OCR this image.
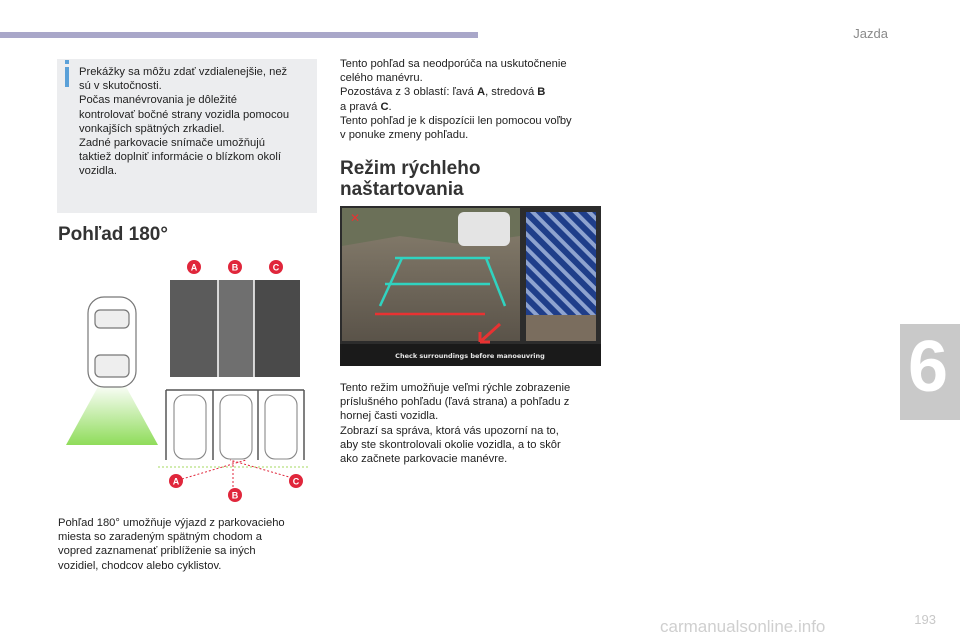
Jazda
6

Prekážky sa môžu zdať vzdialenejšie, než
sú v skutočnosti.
Počas manévrovania je dôležité
kontrolovať bočné strany vozidla pomocou
vonkajších spätných zrkadiel.
Zadné parkovacie snímače umožňujú
taktiež doplniť informácie o blízkom okolí
vozidla.

Pohľad 180°
A	B	C
A
B
C

Pohľad 180° umožňuje výjazd z parkovacieho
miesta so zaradeným spätným chodom a
vopred zaznamenať priblíženie sa iných
vozidiel, chodcov alebo cyklistov.

Tento pohľad sa neodporúča na uskutočnenie
celého manévru.
Pozostáva z 3 oblastí: ľavá A, stredová B
a pravá C.
Tento pohľad je k dispozícii len pomocou voľby
v ponuke zmeny pohľadu.

Režim rýchleho
naštartovania
✕
Check surroundings before manoeuvring

Tento režim umožňuje veľmi rýchle zobrazenie
príslušného pohľadu (ľavá strana) a pohľadu z
hornej časti vozidla.
Zobrazí sa správa, ktorá vás upozorní na to,
aby ste skontrolovali okolie vozidla, a to skôr
ako začnete parkovacie manévre.

carmanualsonline.info	193
